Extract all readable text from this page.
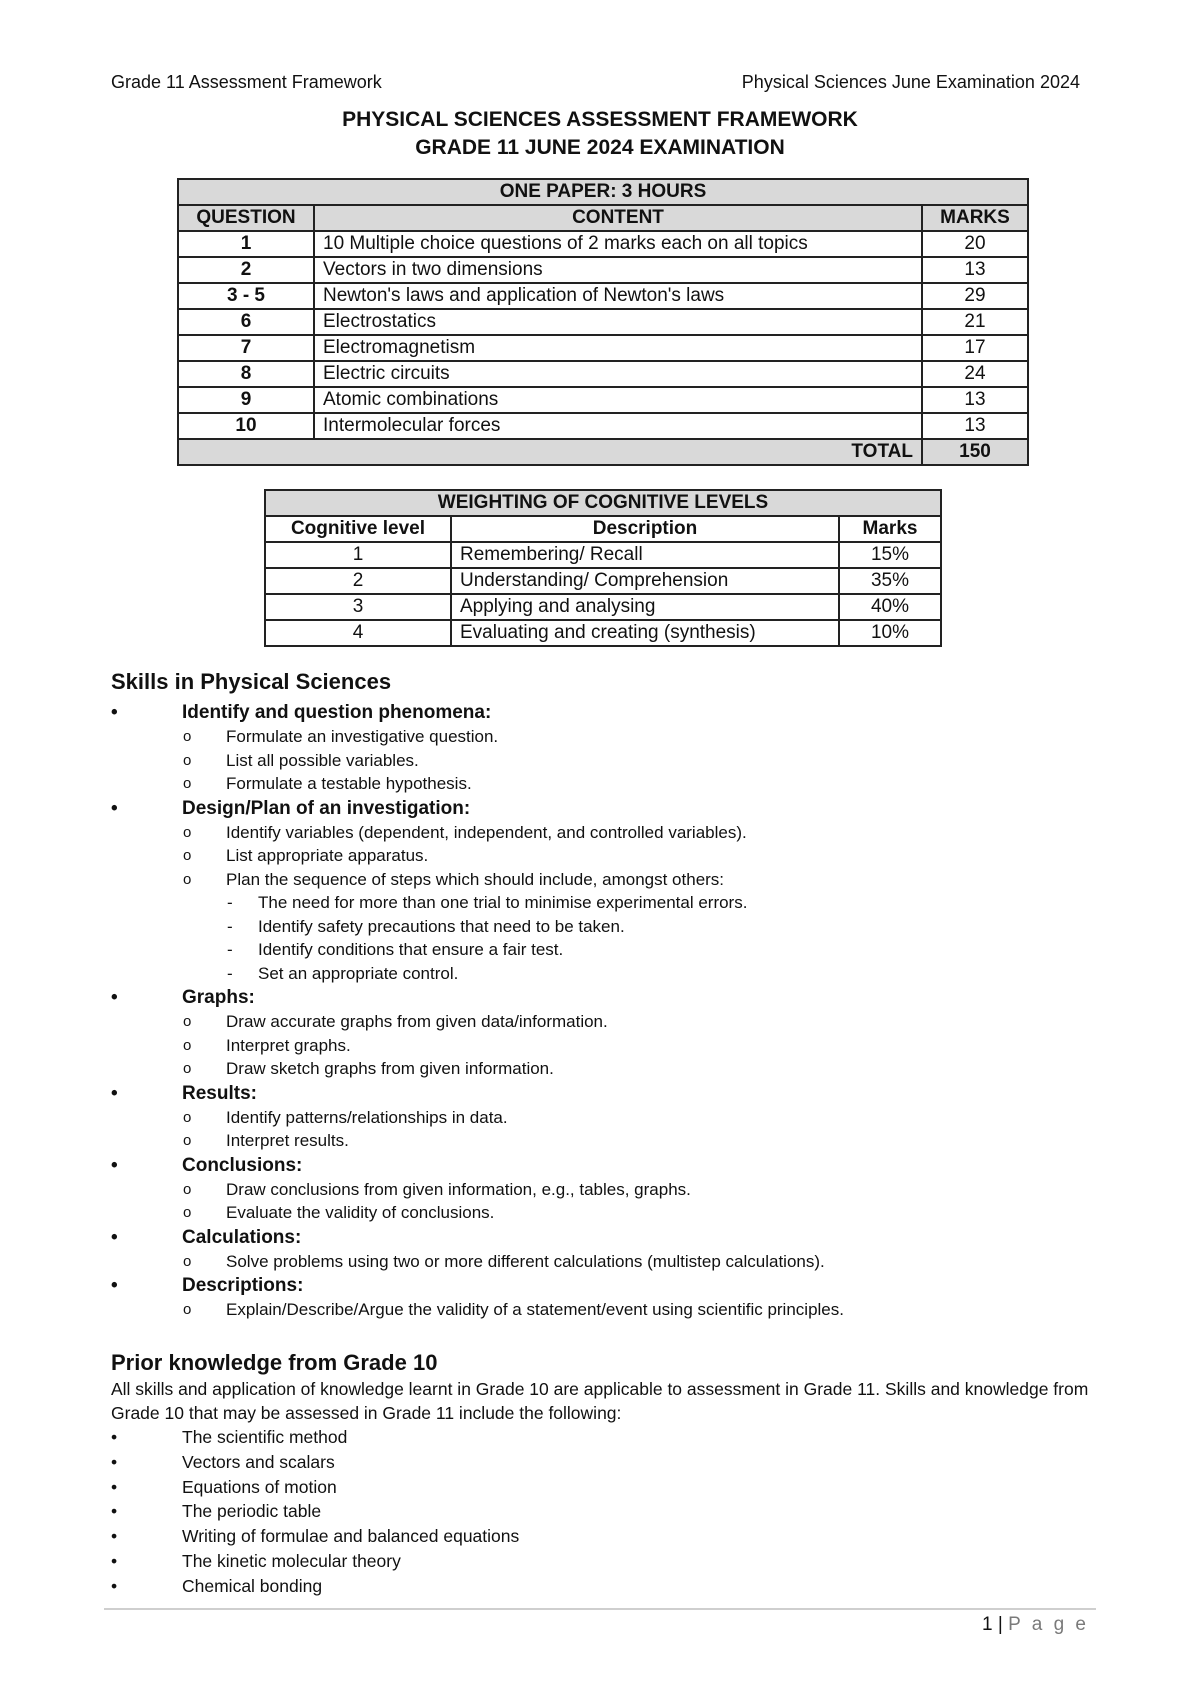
Grade 11 Assessment Framework	Physical Sciences June Examination 2024
PHYSICAL SCIENCES ASSESSMENT FRAMEWORK
GRADE 11 JUNE 2024 EXAMINATION
ONE PAPER: 3 HOURS		
QUESTION	CONTENT	MARKS
1	10 Multiple choice questions of 2 marks each on all topics	20
2	Vectors in two dimensions	13
3 - 5	Newton's laws and application of Newton's laws	29
6	Electrostatics	21
7	Electromagnetism	17
8	Electric circuits	24
9	Atomic combinations	13
10	Intermolecular forces	13
TOTAL		150
WEIGHTING OF COGNITIVE LEVELS		
Cognitive level	Description	Marks
1	Remembering/ Recall	15%
2	Understanding/ Comprehension	35%
3	Applying and analysing	40%
4	Evaluating and creating (synthesis)	10%
Skills in Physical Sciences
• Identify and question phenomena:
o Formulate an investigative question.
o List all possible variables.
o Formulate a testable hypothesis.
• Design/Plan of an investigation:
o Identify variables (dependent, independent, and controlled variables).
o List appropriate apparatus.
o Plan the sequence of steps which should include, amongst others:
- The need for more than one trial to minimise experimental errors.
- Identify safety precautions that need to be taken.
- Identify conditions that ensure a fair test.
- Set an appropriate control.
• Graphs:
o Draw accurate graphs from given data/information.
o Interpret graphs.
o Draw sketch graphs from given information.
• Results:
o Identify patterns/relationships in data.
o Interpret results.
• Conclusions:
o Draw conclusions from given information, e.g., tables, graphs.
o Evaluate the validity of conclusions.
• Calculations:
o Solve problems using two or more different calculations (multistep calculations).
• Descriptions:
o Explain/Describe/Argue the validity of a statement/event using scientific principles.
Prior knowledge from Grade 10

All skills and application of knowledge learnt in Grade 10 are applicable to assessment in Grade 11. Skills and knowledge from Grade 10 that may be assessed in Grade 11 include the following:

• The scientific method
• Vectors and scalars
• Equations of motion
• The periodic table
• Writing of formulae and balanced equations
• The kinetic molecular theory
• Chemical bonding
1 | P a g e
